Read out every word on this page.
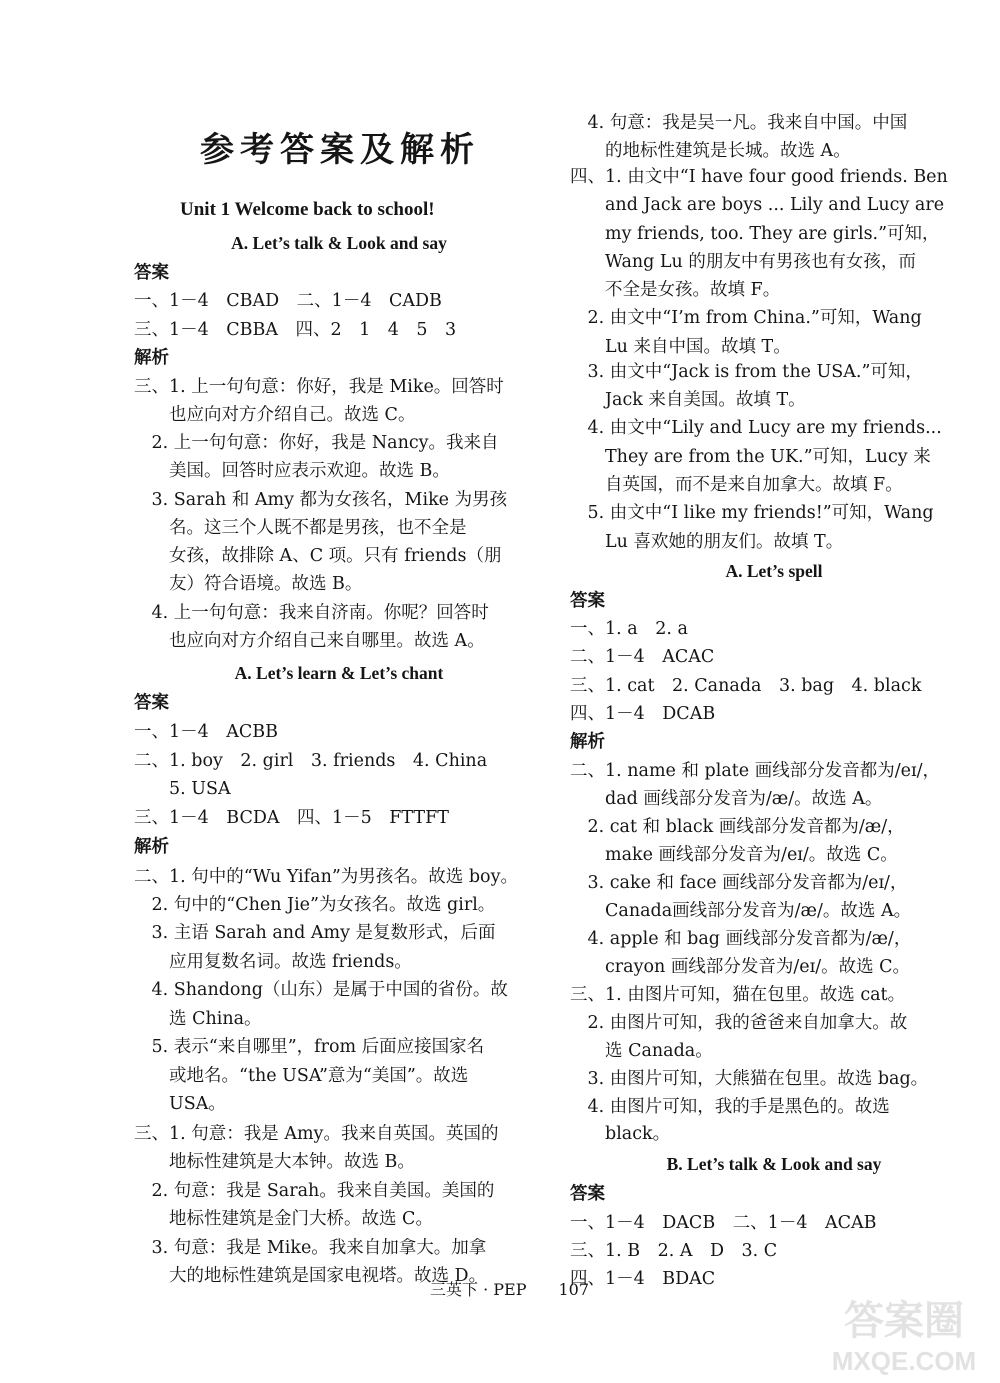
参考答案及解析
Unit 1 Welcome back to school!
A. Let’s talk & Look and say
答案
一、1－4　CBAD　二、1－4　CADB
三、1－4　CBBA　四、2　1　4　5　3
解析
三、1. 上一句句意：你好，我是 Mike。回答时
　　也应向对方介绍自己。故选 C。
　2. 上一句句意：你好，我是 Nancy。我来自
　　美国。回答时应表示欢迎。故选 B。
　3. Sarah 和 Amy 都为女孩名，Mike 为男孩
　　名。这三个人既不都是男孩，也不全是
　　女孩，故排除 A、C 项。只有 friends（朋
　　友）符合语境。故选 B。
　4. 上一句句意：我来自济南。你呢？回答时
　　也应向对方介绍自己来自哪里。故选 A。
A. Let’s learn & Let’s chant
答案
一、1－4　ACBB
二、1. boy　2. girl　3. friends　4. China
　　5. USA
三、1－4　BCDA　四、1－5　FTTFT
解析
二、1. 句中的“Wu Yifan”为男孩名。故选 boy。
　2. 句中的“Chen Jie”为女孩名。故选 girl。
　3. 主语 Sarah and Amy 是复数形式，后面
　　应用复数名词。故选 friends。
　4. Shandong（山东）是属于中国的省份。故
　　选 China。
　5. 表示“来自哪里”，from 后面应接国家名
　　或地名。“the USA”意为“美国”。故选
　　USA。
三、1. 句意：我是 Amy。我来自英国。英国的
　　地标性建筑是大本钟。故选 B。
　2. 句意：我是 Sarah。我来自美国。美国的
　　地标性建筑是金门大桥。故选 C。
　3. 句意：我是 Mike。我来自加拿大。加拿
　　大的地标性建筑是国家电视塔。故选 D。
　4. 句意：我是吴一凡。我来自中国。中国
　　的地标性建筑是长城。故选 A。
四、1. 由文中“I have four good friends. Ben
　　and Jack are boys ... Lily and Lucy are
　　my friends, too. They are girls.”可知，
　　Wang Lu 的朋友中有男孩也有女孩，而
　　不全是女孩。故填 F。
　2. 由文中“I’m from China.”可知，Wang
　　Lu 来自中国。故填 T。
　3. 由文中“Jack is from the USA.”可知，
　　Jack 来自美国。故填 T。
　4. 由文中“Lily and Lucy are my friends...
　　They are from the UK.”可知，Lucy 来
　　自英国，而不是来自加拿大。故填 F。
　5. 由文中“I like my friends!”可知，Wang
　　Lu 喜欢她的朋友们。故填 T。
A. Let’s spell
答案
一、1. a　2. a
二、1－4　ACAC
三、1. cat　2. Canada　3. bag　4. black
四、1－4　DCAB
解析
二、1. name 和 plate 画线部分发音都为/eɪ/，
　　dad 画线部分发音为/æ/。故选 A。
　2. cat 和 black 画线部分发音都为/æ/，
　　make 画线部分发音为/eɪ/。故选 C。
　3. cake 和 face 画线部分发音都为/eɪ/，
　　Canada画线部分发音为/æ/。故选 A。
　4. apple 和 bag 画线部分发音都为/æ/，
　　crayon 画线部分发音为/eɪ/。故选 C。
三、1. 由图片可知，猫在包里。故选 cat。
　2. 由图片可知，我的爸爸来自加拿大。故
　　选 Canada。
　3. 由图片可知，大熊猫在包里。故选 bag。
　4. 由图片可知，我的手是黑色的。故选
　　black。
B. Let’s talk & Look and say
答案
一、1－4　DACB　二、1－4　ACAB
三、1. B　2. A　D　3. C
四、1－4　BDAC
三英下 · PEP　　107
答案圈
MXQE.COM
